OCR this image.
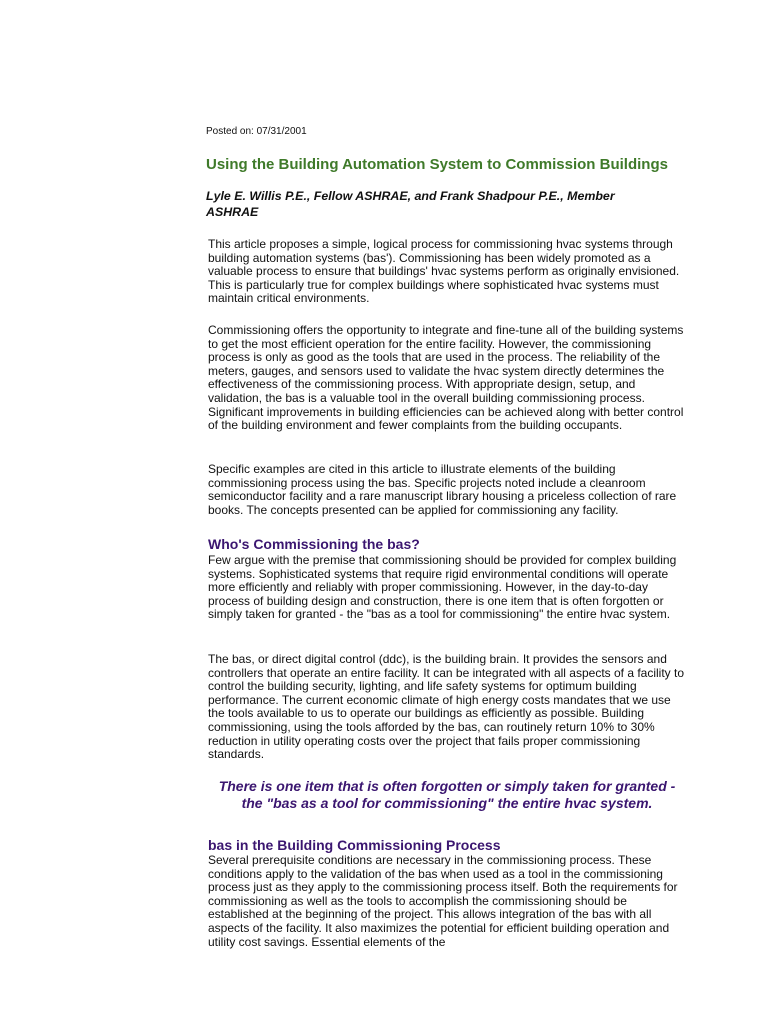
Posted on: 07/31/2001
Using the Building Automation System to Commission Buildings
Lyle E. Willis P.E., Fellow ASHRAE, and Frank Shadpour P.E., Member ASHRAE

This article proposes a simple, logical process for commissioning hvac systems through building automation systems (bas'). Commissioning has been widely promoted as a valuable process to ensure that buildings' hvac systems perform as originally envisioned. This is particularly true for complex buildings where sophisticated hvac systems must maintain critical environments.

Commissioning offers the opportunity to integrate and fine-tune all of the building systems to get the most efficient operation for the entire facility. However, the commissioning process is only as good as the tools that are used in the process. The reliability of the meters, gauges, and sensors used to validate the hvac system directly determines the effectiveness of the commissioning process. With appropriate design, setup, and validation, the bas is a valuable tool in the overall building commissioning process. Significant improvements in building efficiencies can be achieved along with better control of the building environment and fewer complaints from the building occupants.

Specific examples are cited in this article to illustrate elements of the building commissioning process using the bas. Specific projects noted include a cleanroom semiconductor facility and a rare manuscript library housing a priceless collection of rare books. The concepts presented can be applied for commissioning any facility.

Who's Commissioning the bas?

Few argue with the premise that commissioning should be provided for complex building systems. Sophisticated systems that require rigid environmental conditions will operate more efficiently and reliably with proper commissioning. However, in the day-to-day process of building design and construction, there is one item that is often forgotten or simply taken for granted - the "bas as a tool for commissioning" the entire hvac system.

The bas, or direct digital control (ddc), is the building brain. It provides the sensors and controllers that operate an entire facility. It can be integrated with all aspects of a facility to control the building security, lighting, and life safety systems for optimum building performance. The current economic climate of high energy costs mandates that we use the tools available to us to operate our buildings as efficiently as possible. Building commissioning, using the tools afforded by the bas, can routinely return 10% to 30% reduction in utility operating costs over the project that fails proper commissioning standards.

There is one item that is often forgotten or simply taken for granted - the "bas as a tool for commissioning" the entire hvac system.
bas in the Building Commissioning Process

Several prerequisite conditions are necessary in the commissioning process. These conditions apply to the validation of the bas when used as a tool in the commissioning process just as they apply to the commissioning process itself. Both the requirements for commissioning as well as the tools to accomplish the commissioning should be established at the beginning of the project. This allows integration of the bas with all aspects of the facility. It also maximizes the potential for efficient building operation and utility cost savings. Essential elements of the
